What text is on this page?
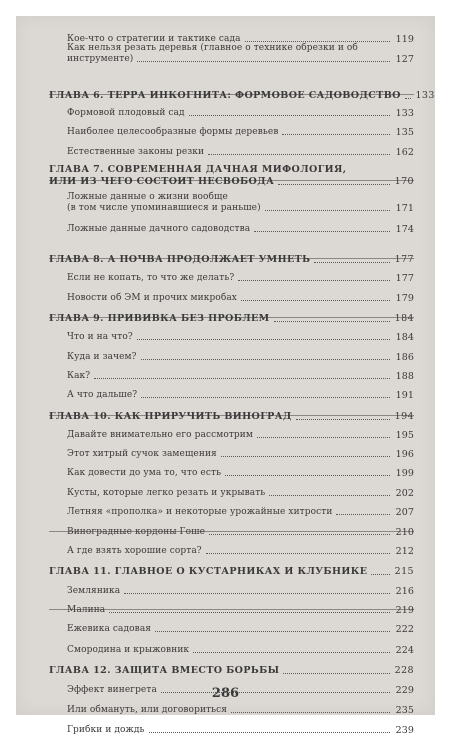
Кое-что о стратегии и тактике сада	119
Как нельзя резать деревья (главное о технике обрезки и об
инструменте)	127
ГЛАВА 6. ТЕРРА ИНКОГНИТА: ФОРМОВОЕ САДОВОДСТВО 133
Формовой плодовый сад	133
Наиболее целесообразные формы деревьев	135
Естественные законы резки	162
ГЛАВА 7. СОВРЕМЕННАЯ ДАЧНАЯ МИФОЛОГИЯ,
ИЛИ ИЗ ЧЕГО СОСТОИТ НЕСВОБОДА	170
Ложные данные о жизни вообще
(в том числе упоминавшиеся и раньше)	171
Ложные данные дачного садоводства	174
ГЛАВА 8. А ПОЧВА ПРОДОЛЖАЕТ УМНЕТЬ	177
Если не копать, то что же делать?	177
Новости об ЭМ и прочих микробах	179
ГЛАВА 9. ПРИВИВКА БЕЗ ПРОБЛЕМ	184
Что и на что?	184
Куда и зачем?	186
Как?	188
А что дальше?	191
ГЛАВА 10. КАК ПРИРУЧИТЬ ВИНОГРАД	194
Давайте внимательно его рассмотрим	195
Этот хитрый сучок замещения	196
Как довести до ума то, что есть	199
Кусты, которые легко резать и укрывать	202
Летняя «прополка» и некоторые урожайные хитрости	207
Виноградные кордоны Гоше	210
А где взять хорошие сорта?	212
ГЛАВА 11. ГЛАВНОЕ О КУСТАРНИКАХ И КЛУБНИКЕ	215
Земляника	216
Малина	219
Ежевика садовая	222
Смородина и крыжовник	224
ГЛАВА 12. ЗАЩИТА ВМЕСТО БОРЬБЫ	228
Эффект винегрета	229
Или обмануть, или договориться	235
Грибки и дождь	239
286
